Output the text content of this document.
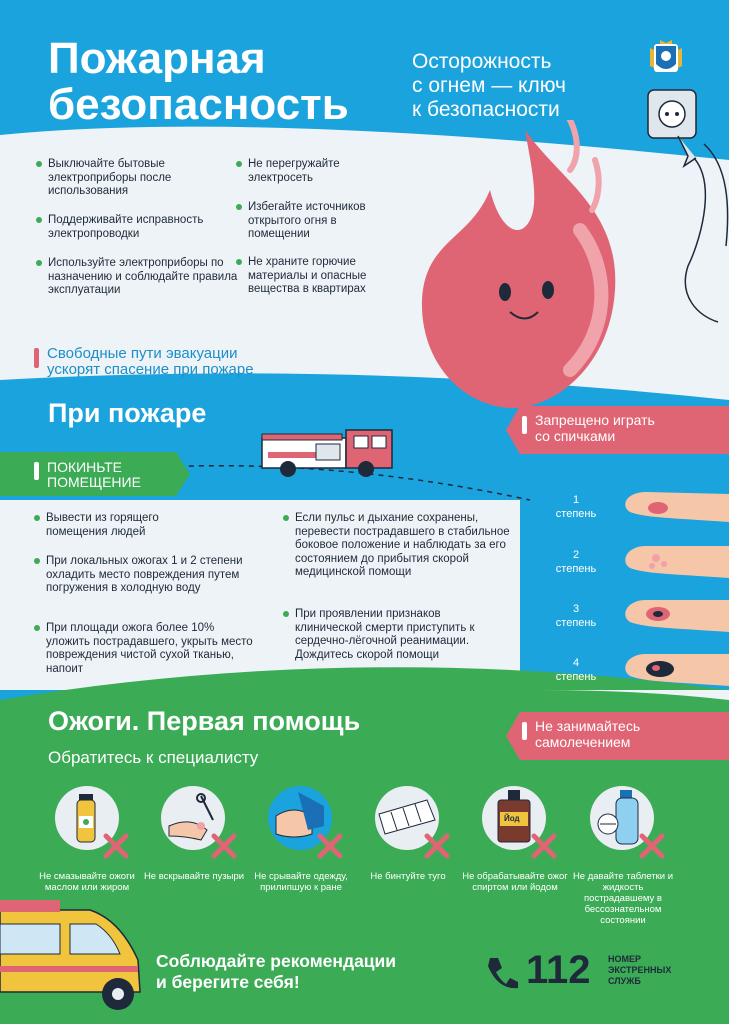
Пожарная
безопасность
Осторожность
с огнем — ключ
к безопасности
Выключайте бытовые электроприборы после использования
Поддерживайте исправность электропроводки
Используйте электроприборы по назначению и соблюдайте правила эксплуатации
Не перегружайте электросеть
Избегайте источников открытого огня в помещении
Не храните горючие материалы и опасные вещества в квартирах
Свободные пути эвакуации
ускорят спасение при пожаре
При пожаре
ПОКИНЬТЕ
ПОМЕЩЕНИЕ
Запрещено играть
со спичками
Вывести из горящего помещения людей
При локальных ожогах 1 и 2 степени охладить место повреждения путем погружения в холодную воду
При площади ожога более 10% уложить пострадавшего, укрыть место повреждения чистой сухой тканью, напоит
Если пульс и дыхание сохранены, перевести пострадавшего в стабильное боковое положение и наблюдать за его состоянием до прибытия скорой медицинской помощи
При проявлении признаков клинической смерти приступить к сердечно-лёгочной реанимации. Дождитесь скорой помощи
1
степень
2
степень
3
степень
4
степень
Ожоги. Первая помощь
Обратитесь к специалисту
Не занимайтесь
самолечением
Не смазывайте ожоги маслом или жиром
Не вскрывайте пузыри	Не срывайте одежду, прилипшую к ране
Не бинтуйте туго
Йод
Не обрабатывайте ожог спиртом или йодом
Не давайте таблетки и жидкость пострадавшему в бессознательном состоянии
Соблюдайте рекомендации
и берегите себя!	112 НОМЕР
ЭКСТРЕННЫХ
СЛУЖБ
